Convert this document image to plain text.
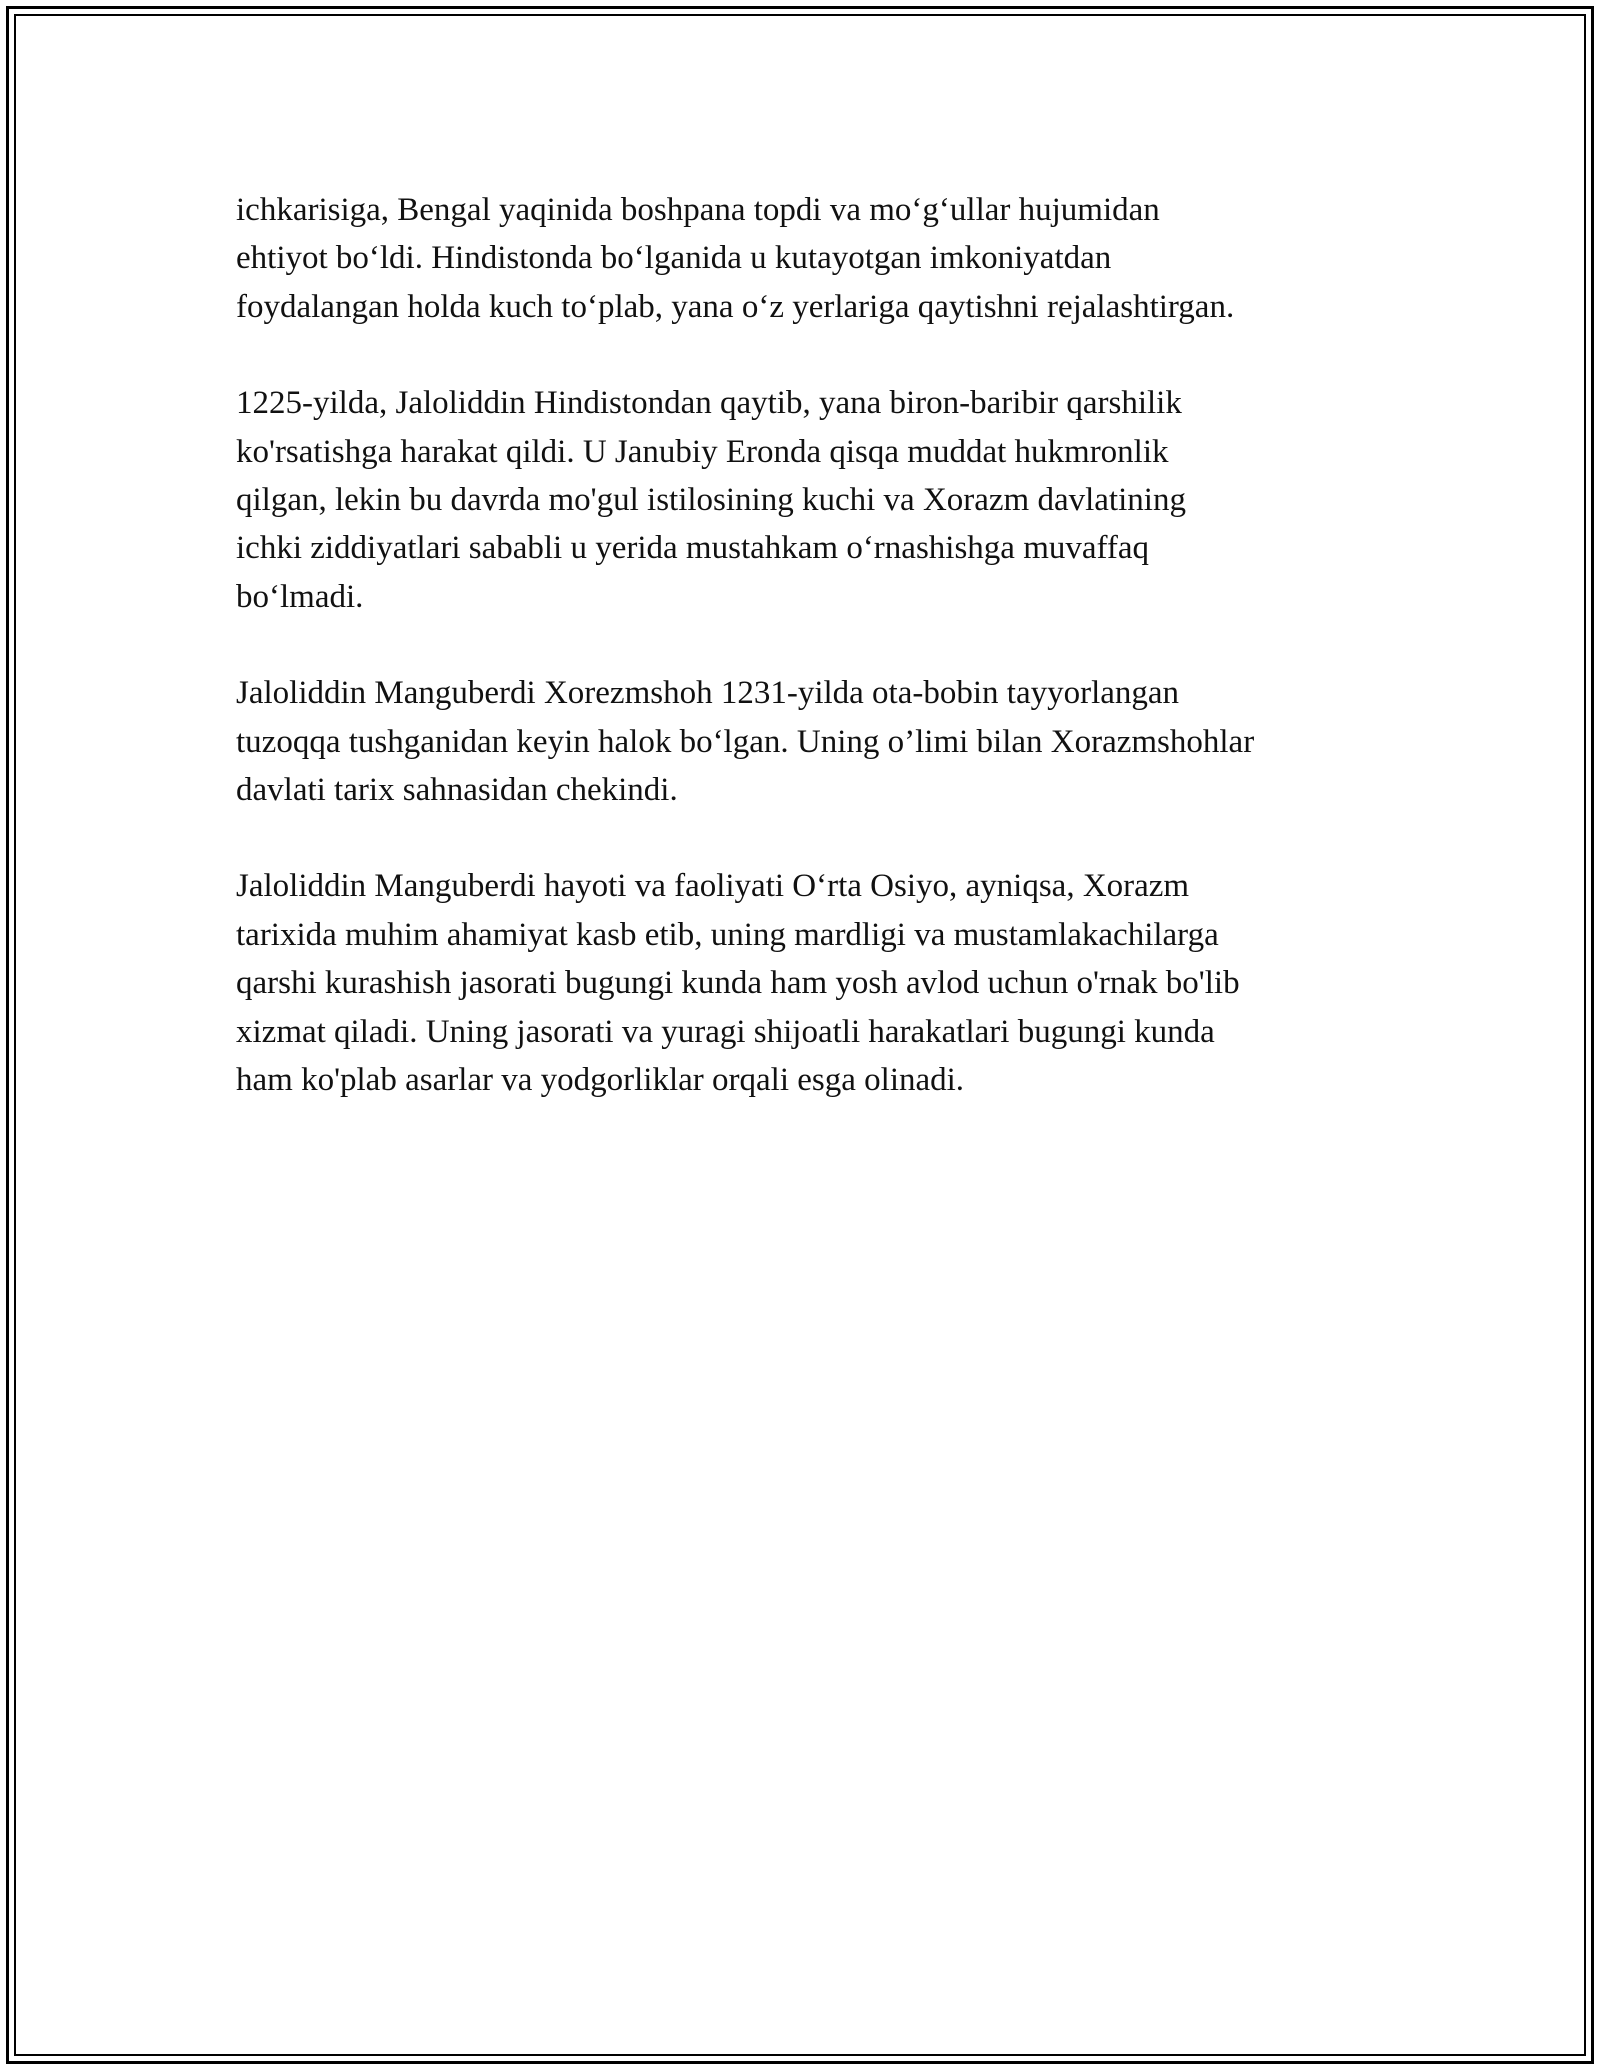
ichkarisiga, Bengal yaqinida boshpana topdi va mo‘g‘ullar hujumidan
ehtiyot bo‘ldi. Hindistonda bo‘lganida u kutayotgan imkoniyatdan
foydalangan holda kuch to‘plab, yana o‘z yerlariga qaytishni rejalashtirgan.

1225-yilda, Jaloliddin Hindistondan qaytib, yana biron-baribir qarshilik
ko'rsatishga harakat qildi. U Janubiy Eronda qisqa muddat hukmronlik
qilgan, lekin bu davrda mo'gul istilosining kuchi va Xorazm davlatining
ichki ziddiyatlari sababli u yerida mustahkam o‘rnashishga muvaffaq
bo‘lmadi.

Jaloliddin Manguberdi Xorezmshoh 1231-yilda ota-bobin tayyorlangan
tuzoqqa tushganidan keyin halok bo‘lgan. Uning o’limi bilan Xorazmshohlar
davlati tarix sahnasidan chekindi.

Jaloliddin Manguberdi hayoti va faoliyati O‘rta Osiyo, ayniqsa, Xorazm
tarixida muhim ahamiyat kasb etib, uning mardligi va mustamlakachilarga
qarshi kurashish jasorati bugungi kunda ham yosh avlod uchun o'rnak bo'lib
xizmat qiladi. Uning jasorati va yuragi shijoatli harakatlari bugungi kunda
ham ko'plab asarlar va yodgorliklar orqali esga olinadi.
